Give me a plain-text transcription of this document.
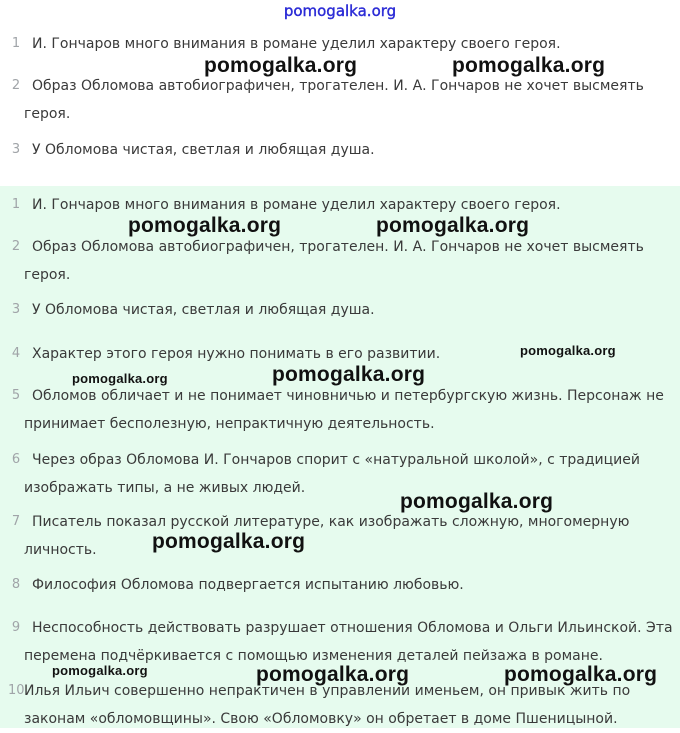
pomogalka.org
1 И. Гончаров много внимания в романе уделил характеру своего героя.
2 Образ Обломова автобиографичен, трогателен. И. А. Гончаров не хочет высмеять
героя.
3 У Обломова чистая, светлая и любящая душа.
1 И. Гончаров много внимания в романе уделил характеру своего героя.
2 Образ Обломова автобиографичен, трогателен. И. А. Гончаров не хочет высмеять
героя.
3 У Обломова чистая, светлая и любящая душа.
4 Характер этого героя нужно понимать в его развитии.
5 Обломов обличает и не понимает чиновничью и петербургскую жизнь. Персонаж не
принимает бесполезную, непрактичную деятельность.
6 Через образ Обломова И. Гончаров спорит с «натуральной школой», с традицией
изображать типы, а не живых людей.
7 Писатель показал русской литературе, как изображать сложную, многомерную
личность.
8 Философия Обломова подвергается испытанию любовью.
9 Неспособность действовать разрушает отношения Обломова и Ольги Ильинской. Эта
перемена подчёркивается с помощью изменения деталей пейзажа в романе.
10 Илья Ильич совершенно непрактичен в управлении именьем, он привык жить по
законам «обломовщины». Свою «Обломовку» он обретает в доме Пшеницыной.
pomogalka.org	pomogalka.org
pomogalka.org	pomogalka.org
pomogalka.org
pomogalka.org	pomogalka.org
pomogalka.org
pomogalka.org
pomogalka.org	pomogalka.org	pomogalka.org
